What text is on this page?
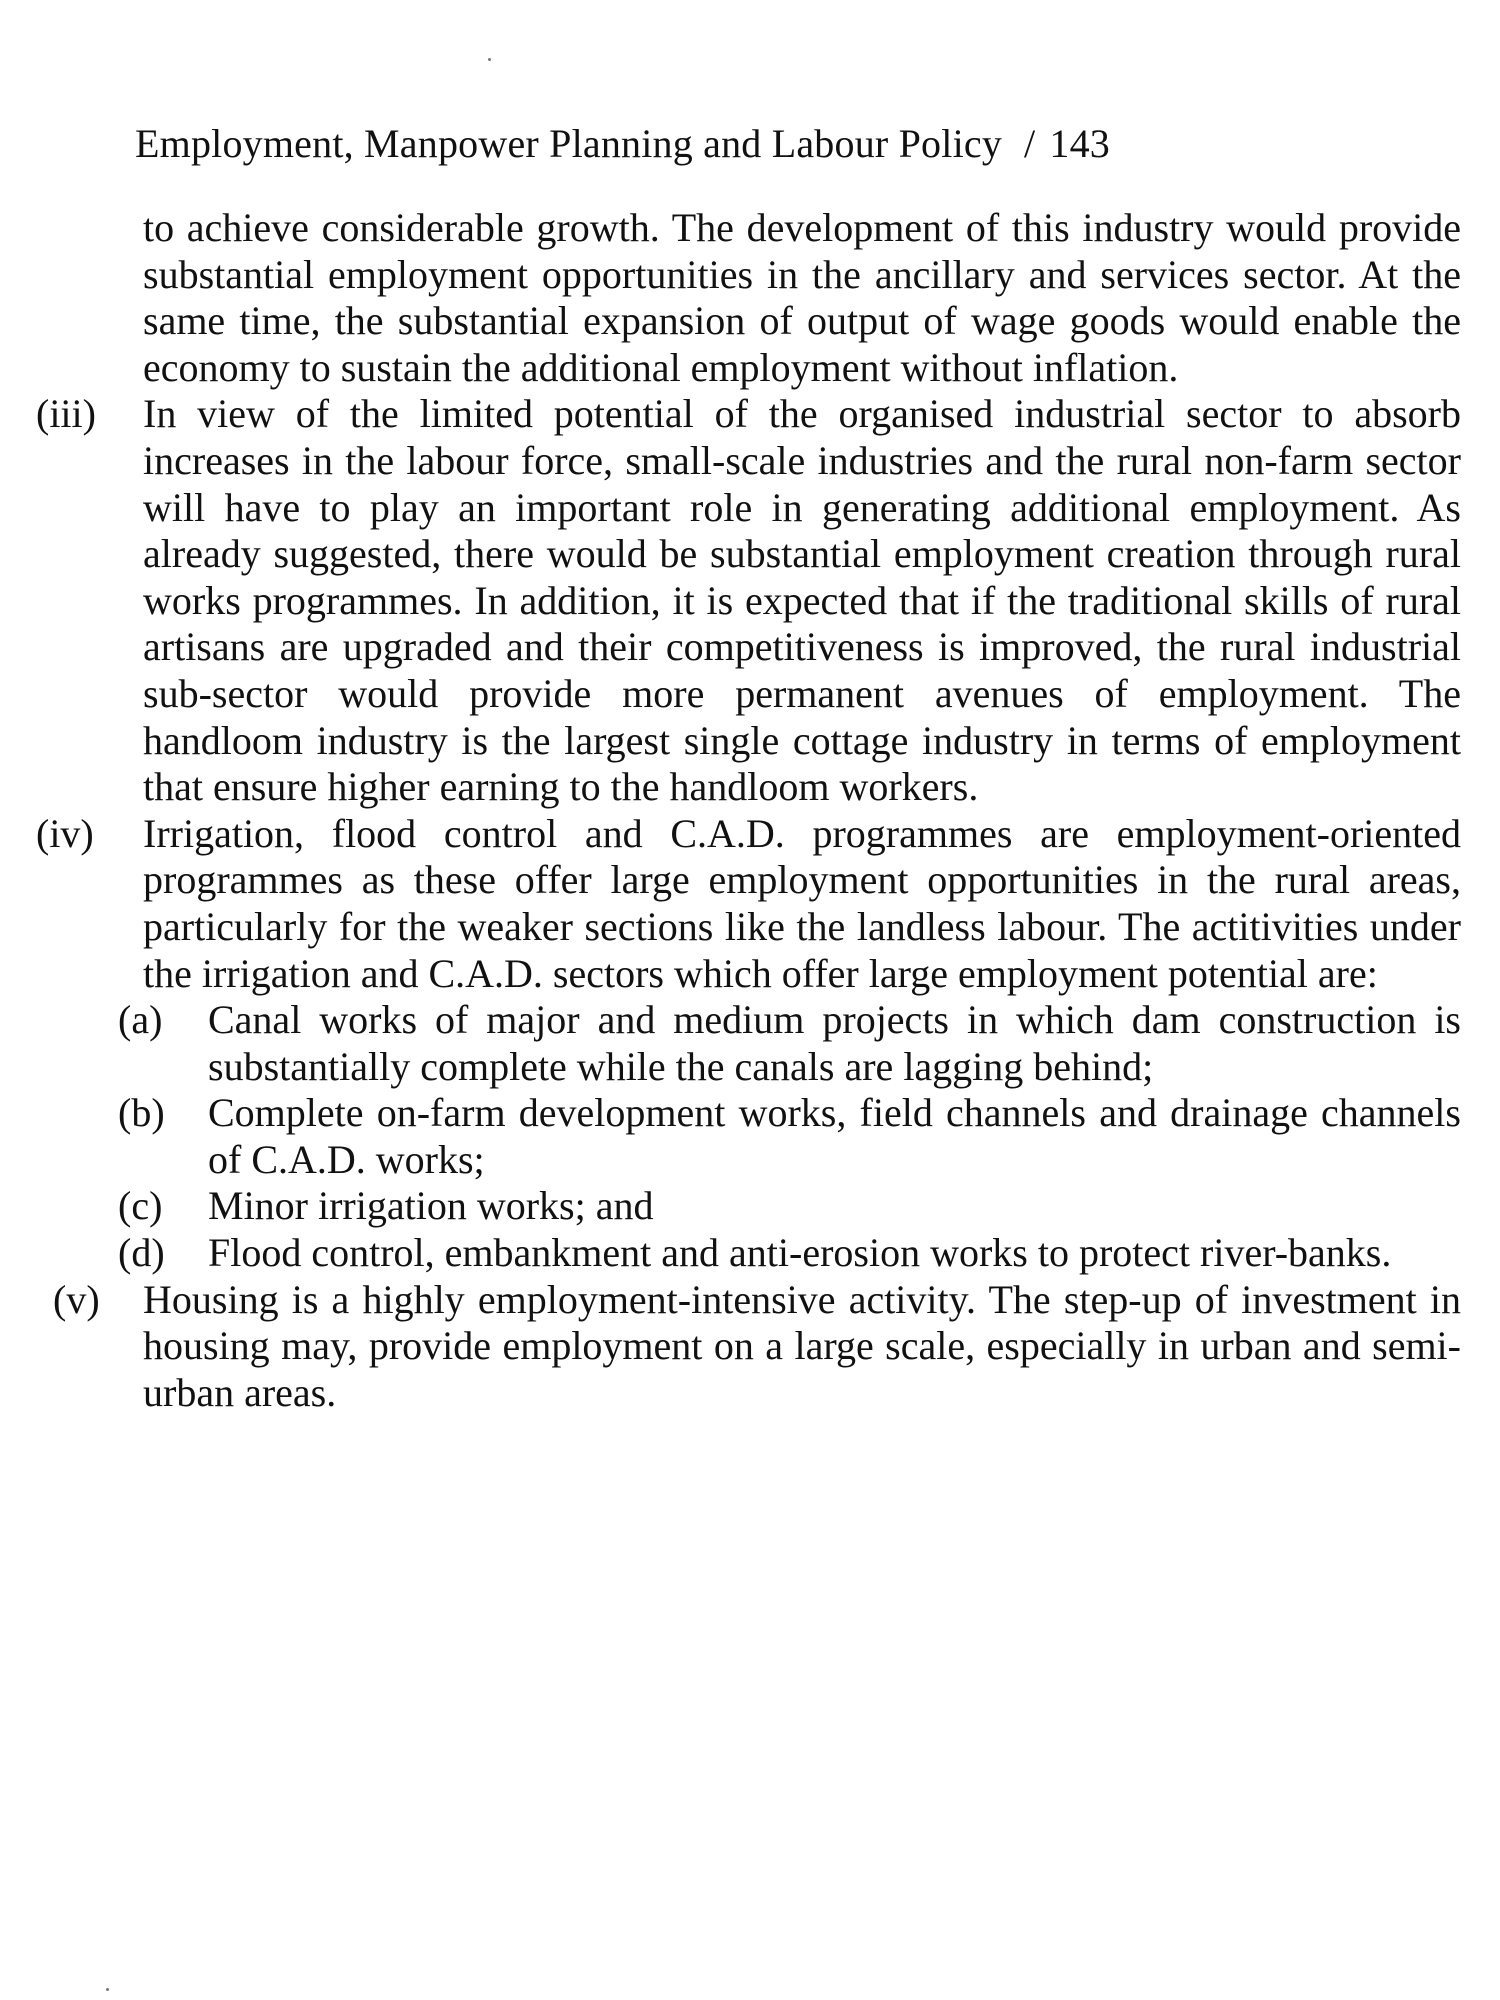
Employment, Manpower Planning and Labour Policy / 143
to achieve considerable growth. The development of this industry would provide substantial employment opportunities in the ancillary and services sector. At the same time, the substantial expansion of output of wage goods would enable the economy to sustain the additional employment without inflation.
(iii)	In view of the limited potential of the organised industrial sector to absorb increases in the labour force, small-scale industries and the rural non-farm sector will have to play an important role in generating additional employment. As already suggested, there would be substantial employment creation through rural works programmes. In addition, it is expected that if the traditional skills of rural artisans are upgraded and their competitiveness is improved, the rural industrial sub-sector would provide more permanent avenues of employment. The handloom industry is the largest single cottage industry in terms of employment that ensure higher earning to the handloom workers.
(iv)	Irrigation, flood control and C.A.D. programmes are employment-oriented programmes as these offer large employment opportunities in the rural areas, particularly for the weaker sections like the landless labour. The actitivities under the irrigation and C.A.D. sectors which offer large employment potential are:
(a)	Canal works of major and medium projects in which dam construction is substantially complete while the canals are lagging behind;
(b)	Complete on-farm development works, field channels and drainage channels of C.A.D. works;
(c)	Minor irrigation works; and
(d)	Flood control, embankment and anti-erosion works to protect river-banks.
(v)	Housing is a highly employment-intensive activity. The step-up of investment in housing may, provide employment on a large scale, especially in urban and semi-urban areas.
